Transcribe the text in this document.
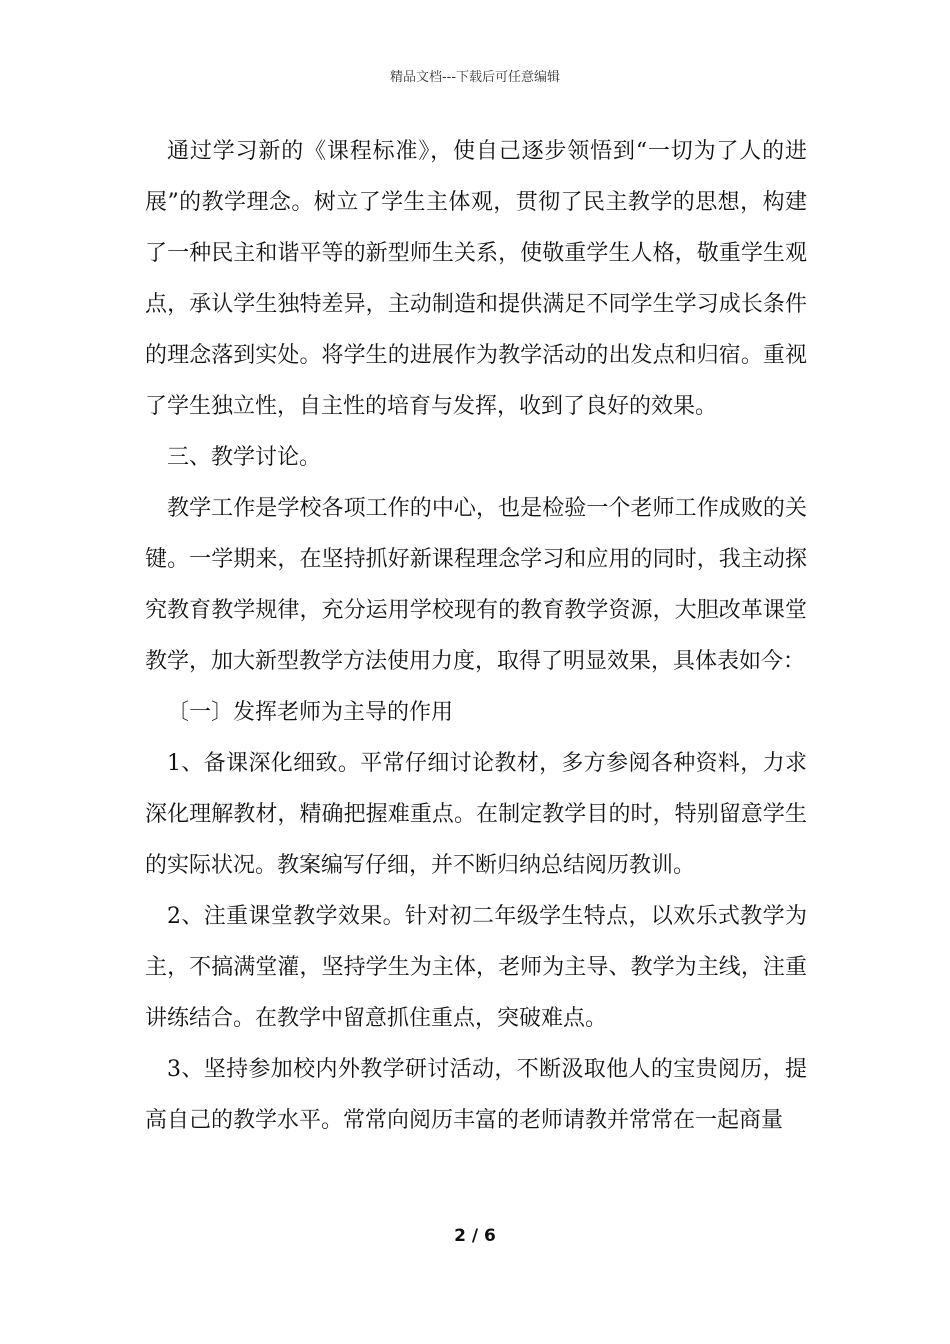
精品文档---下载后可任意编辑

通过学习新的《课程标准》，使自己逐步领悟到“一切为了人的进展”的教学理念。树立了学生主体观，贯彻了民主教学的思想，构建了一种民主和谐平等的新型师生关系，使敬重学生人格，敬重学生观点，承认学生独特差异，主动制造和提供满足不同学生学习成长条件的理念落到实处。将学生的进展作为教学活动的出发点和归宿。重视了学生独立性，自主性的培育与发挥，收到了良好的效果。

三、教学讨论。

教学工作是学校各项工作的中心，也是检验一个老师工作成败的关键。一学期来，在坚持抓好新课程理念学习和应用的同时，我主动探究教育教学规律，充分运用学校现有的教育教学资源，大胆改革课堂教学，加大新型教学方法使用力度，取得了明显效果，具体表如今：

〔一〕发挥老师为主导的作用

1、备课深化细致。平常仔细讨论教材，多方参阅各种资料，力求深化理解教材，精确把握难重点。在制定教学目的时，特别留意学生的实际状况。教案编写仔细，并不断归纳总结阅历教训。

2、注重课堂教学效果。针对初二年级学生特点，以欢乐式教学为主，不搞满堂灌，坚持学生为主体，老师为主导、教学为主线，注重讲练结合。在教学中留意抓住重点，突破难点。

3、坚持参加校内外教学研讨活动，不断汲取他人的宝贵阅历，提高自己的教学水平。常常向阅历丰富的老师请教并常常在一起商量

2 / 6
